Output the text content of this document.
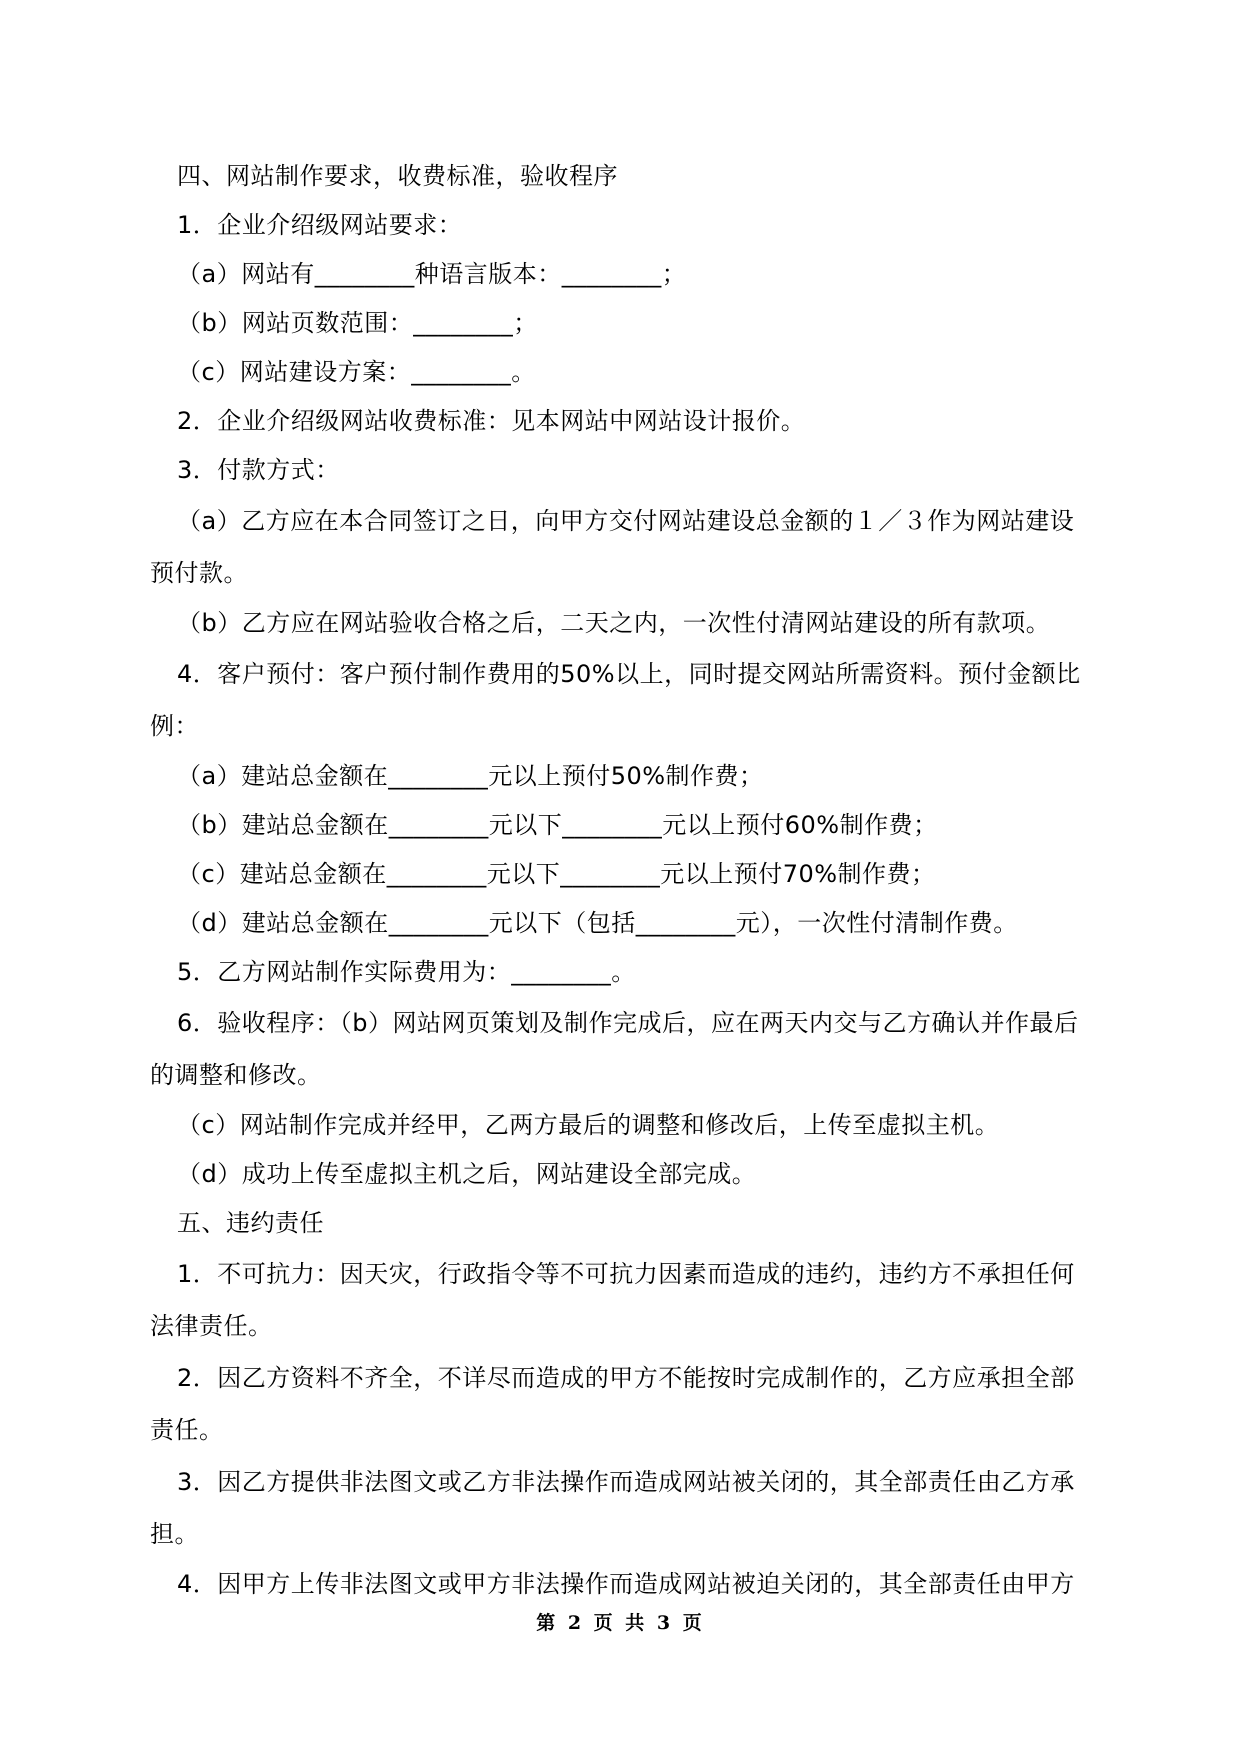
四、网站制作要求，收费标准，验收程序

1．企业介绍级网站要求：

（a）网站有________种语言版本：________；

（b）网站页数范围：________；

（c）网站建设方案：________。

2．企业介绍级网站收费标准：见本网站中网站设计报价。

3．付款方式：

（a）乙方应在本合同签订之日，向甲方交付网站建设总金额的１／３作为网站建设预付款。

（b）乙方应在网站验收合格之后，二天之内，一次性付清网站建设的所有款项。

4．客户预付：客户预付制作费用的50%以上，同时提交网站所需资料。预付金额比例：

（a）建站总金额在________元以上预付50%制作费；

（b）建站总金额在________元以下________元以上预付60%制作费；

（c）建站总金额在________元以下________元以上预付70%制作费；

（d）建站总金额在________元以下（包括________元），一次性付清制作费。

5．乙方网站制作实际费用为：________。

6．验收程序：（b）网站网页策划及制作完成后，应在两天内交与乙方确认并作最后的调整和修改。

（c）网站制作完成并经甲，乙两方最后的调整和修改后，上传至虚拟主机。

（d）成功上传至虚拟主机之后，网站建设全部完成。

五、违约责任

1．不可抗力：因天灾，行政指令等不可抗力因素而造成的违约，违约方不承担任何法律责任。

2．因乙方资料不齐全，不详尽而造成的甲方不能按时完成制作的，乙方应承担全部责任。

3．因乙方提供非法图文或乙方非法操作而造成网站被关闭的，其全部责任由乙方承担。

4．因甲方上传非法图文或甲方非法操作而造成网站被迫关闭的，其全部责任由甲方

第 2 页 共 3 页
